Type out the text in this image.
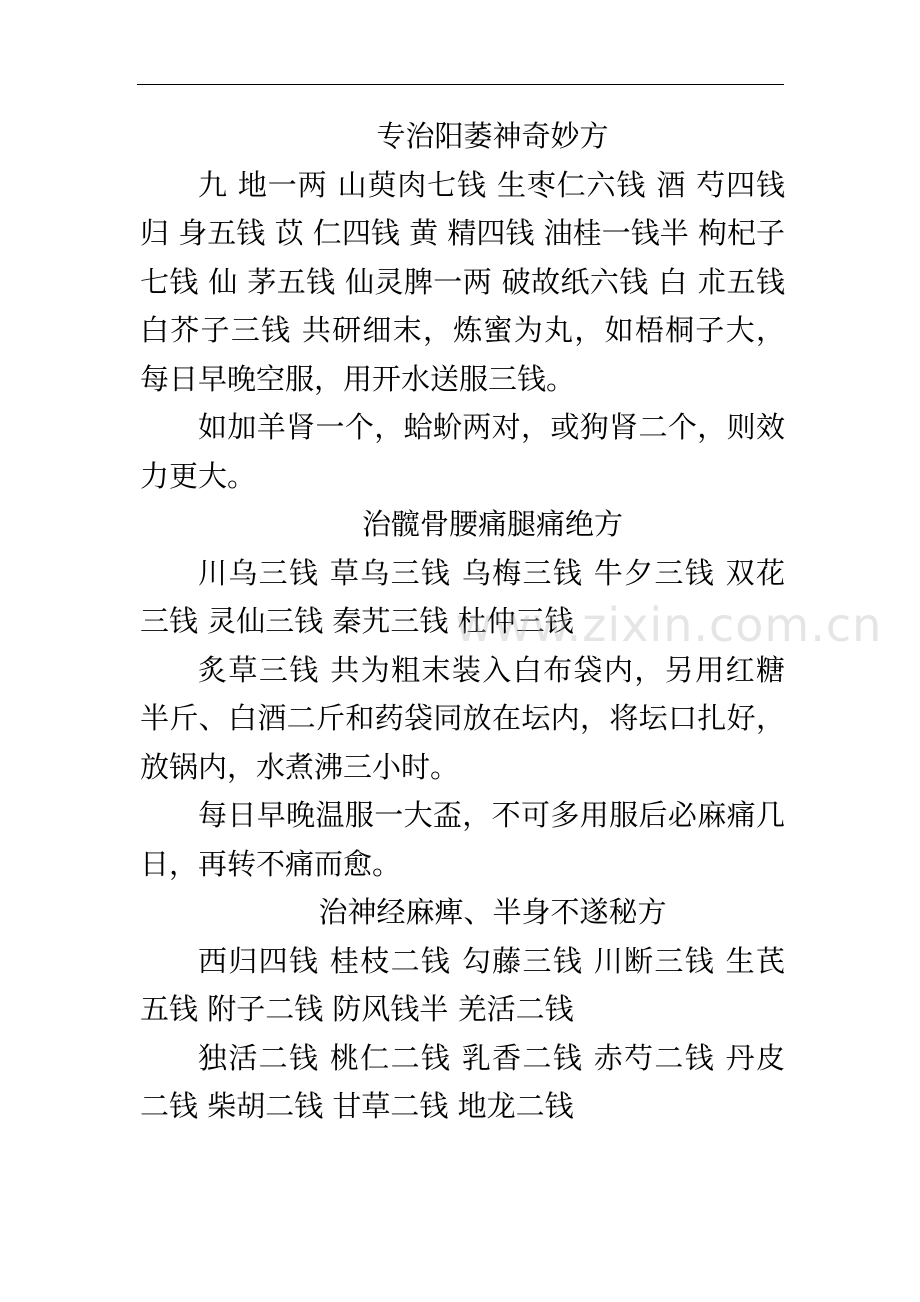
专治阳萎神奇妙方

九 地一两 山萸肉七钱 生枣仁六钱 酒 芍四钱 归 身五钱 苡 仁四钱 黄 精四钱 油桂一钱半 枸杞子七钱 仙 茅五钱 仙灵脾一两 破故纸六钱 白 朮五钱 白芥子三钱 共研细末，炼蜜为丸，如梧桐子大，每日早晚空服，用开水送服三钱。

如加羊肾一个，蛤蚧两对，或狗肾二个，则效力更大。

治髋骨腰痛腿痛绝方

川乌三钱 草乌三钱 乌梅三钱 牛夕三钱 双花三钱 灵仙三钱 秦艽三钱 杜仲三钱

炙草三钱 共为粗末装入白布袋内，另用红糖半斤、白酒二斤和药袋同放在坛内，将坛口扎好，放锅内，水煮沸三小时。

每日早晚温服一大盃，不可多用服后必麻痛几日，再转不痛而愈。

治神经麻痺、半身不遂秘方

西归四钱 桂枝二钱 勾藤三钱 川断三钱 生芪五钱 附子二钱 防风钱半 羌活二钱

独活二钱 桃仁二钱 乳香二钱 赤芍二钱 丹皮二钱 柴胡二钱 甘草二钱 地龙二钱

www.zixin.com.cn
